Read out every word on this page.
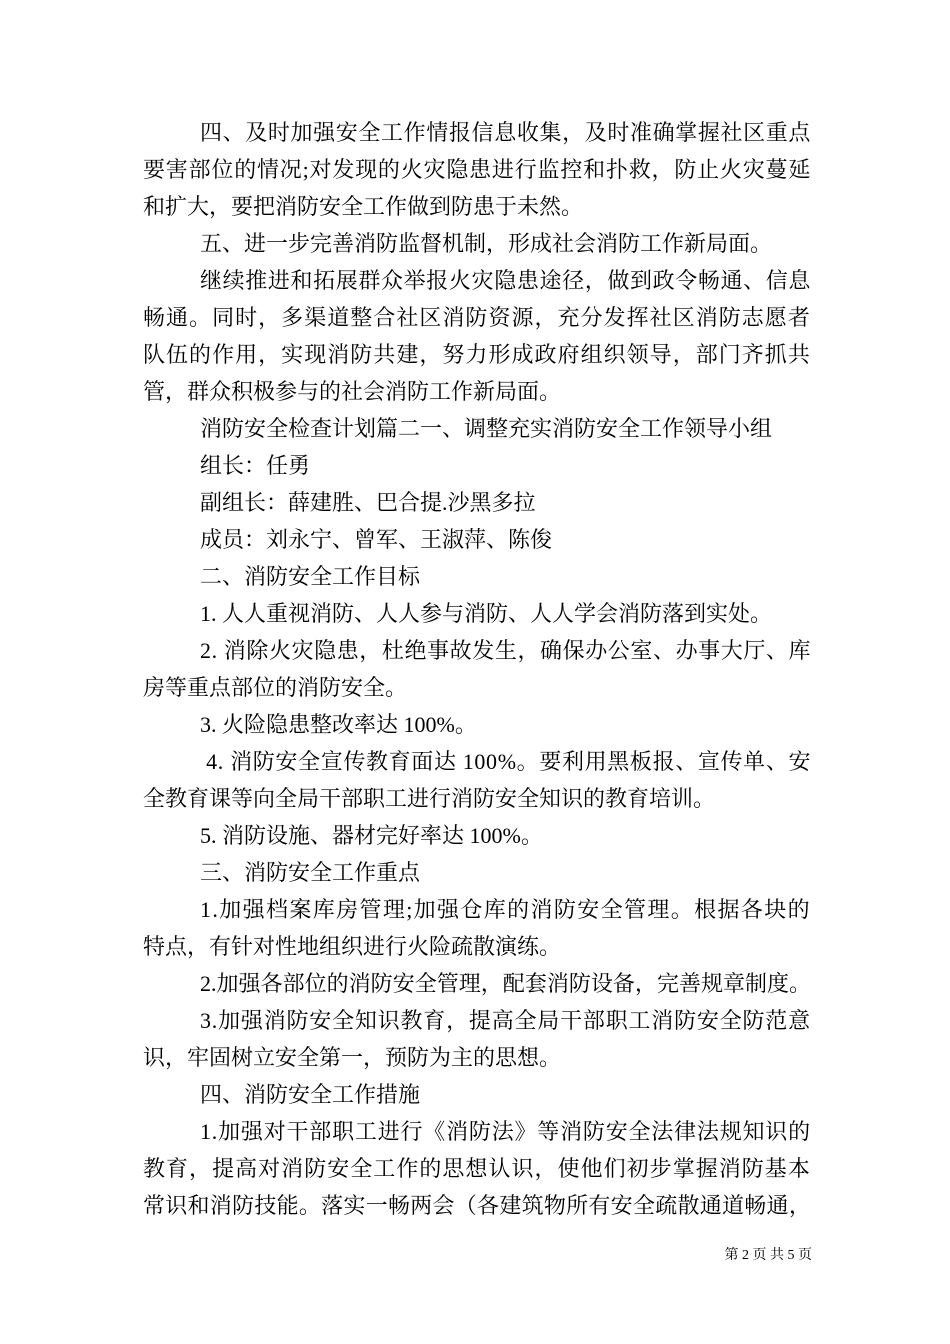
四、及时加强安全工作情报信息收集，及时准确掌握社区重点
要害部位的情况;对发现的火灾隐患进行监控和扑救，防止火灾蔓延
和扩大，要把消防安全工作做到防患于未然。
五、进一步完善消防监督机制，形成社会消防工作新局面。
继续推进和拓展群众举报火灾隐患途径，做到政令畅通、信息
畅通。同时，多渠道整合社区消防资源，充分发挥社区消防志愿者
队伍的作用，实现消防共建，努力形成政府组织领导，部门齐抓共
管，群众积极参与的社会消防工作新局面。
消防安全检查计划篇二一、调整充实消防安全工作领导小组
组长：任勇
副组长：薛建胜、巴合提.沙黑多拉
成员：刘永宁、曾军、王淑萍、陈俊
二、消防安全工作目标
1. 人人重视消防、人人参与消防、人人学会消防落到实处。
2. 消除火灾隐患，杜绝事故发生，确保办公室、办事大厅、库
房等重点部位的消防安全。
3. 火险隐患整改率达 100%。
4. 消防安全宣传教育面达 100%。要利用黑板报、宣传单、安
全教育课等向全局干部职工进行消防安全知识的教育培训。
5. 消防设施、器材完好率达 100%。
三、消防安全工作重点
1.加强档案库房管理;加强仓库的消防安全管理。根据各块的
特点，有针对性地组织进行火险疏散演练。
2.加强各部位的消防安全管理，配套消防设备，完善规章制度。
3.加强消防安全知识教育，提高全局干部职工消防安全防范意
识，牢固树立安全第一，预防为主的思想。
四、消防安全工作措施
1.加强对干部职工进行《消防法》等消防安全法律法规知识的
教育，提高对消防安全工作的思想认识，使他们初步掌握消防基本
常识和消防技能。落实一畅两会（各建筑物所有安全疏散通道畅通，
第 2 页 共 5 页
